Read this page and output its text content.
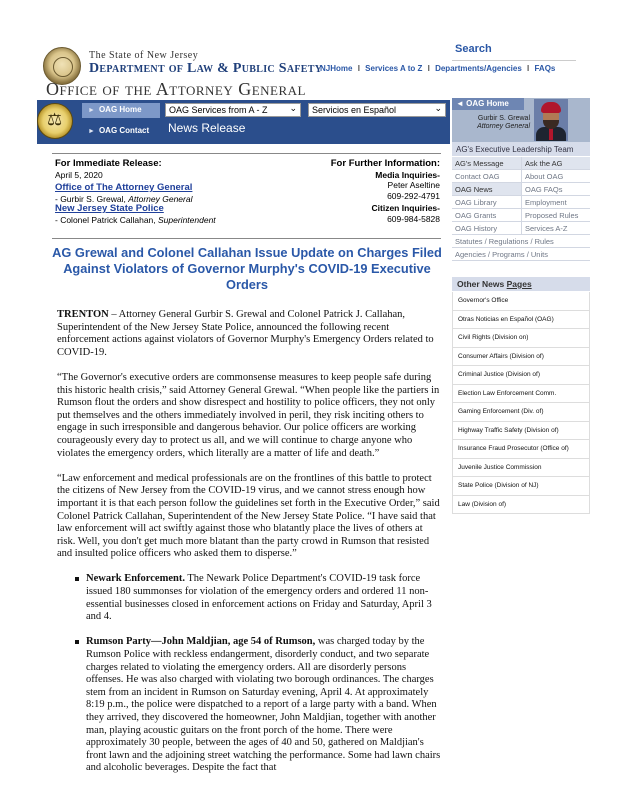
The State of New Jersey
Department of Law & Public Safety
Office of the Attorney General
Search
NJHome I Services A to Z I Departments/Agencies I FAQs
⚖
► OAG Home
► OAG Contact
OAG Services from A - Z ⌄	Servicios en Español	⌄
News Release
◄ OAG Home
Gurbir S. Grewal
Attorney General
AG's Executive Leadership Team
AG's Message	Ask the AG
Contact OAG	About OAG
OAG News	OAG FAQs
OAG Library	Employment
OAG Grants	Proposed Rules
OAG History	Services A-Z
Statutes / Regulations / Rules
Agencies / Programs / Units
Other News Pages
Governor's Office
Otras Noticias en Español (OAG)
Civil Rights (Division on)
Consumer Affairs (Division of)
Criminal Justice (Division of)
Election Law Enforcement Comm.
Gaming Enforcement (Div. of)
Highway Traffic Safety (Division of)
Insurance Fraud Prosecutor (Office of)
Juvenile Justice Commission
State Police (Division of NJ)
Law (Division of)
For Immediate Release:
April 5, 2020
Office of The Attorney General
- Gurbir S. Grewal, Attorney General
New Jersey State Police
- Colonel Patrick Callahan, Superintendent
For Further Information:
Media Inquiries-
Peter Aseltine
609-292-4791
Citizen Inquiries-
609-984-5828
AG Grewal and Colonel Callahan Issue Update on Charges Filed Against Violators of Governor Murphy's COVID-19 Executive Orders

TRENTON – Attorney General Gurbir S. Grewal and Colonel Patrick J. Callahan, Superintendent of the New Jersey State Police, announced the following recent enforcement actions against violators of Governor Murphy's Emergency Orders related to COVID-19.

“The Governor's executive orders are commonsense measures to keep people safe during this historic health crisis,” said Attorney General Grewal. “When people like the partiers in Rumson flout the orders and show disrespect and hostility to police officers, they not only put themselves and the others immediately involved in peril, they risk inciting others to engage in such irresponsible and dangerous behavior. Our police officers are working courageously every day to protect us all, and we will continue to charge anyone who violates the emergency orders, which literally are a matter of life and death.”

“Law enforcement and medical professionals are on the frontlines of this battle to protect the citizens of New Jersey from the COVID-19 virus, and we cannot stress enough how important it is that each person follow the guidelines set forth in the Executive Order,” said Colonel Patrick Callahan, Superintendent of the New Jersey State Police. “I have said that law enforcement will act swiftly against those who blatantly place the lives of others at risk. Well, you don't get much more blatant than the party crowd in Rumson that resisted and insulted police officers who asked them to disperse.”

Newark Enforcement. The Newark Police Department's COVID-19 task force issued 180 summonses for violation of the emergency orders and ordered 11 non-essential businesses closed in enforcement actions on Friday and Saturday, April 3 and 4.
Rumson Party—John Maldjian, age 54 of Rumson, was charged today by the Rumson Police with reckless endangerment, disorderly conduct, and two separate charges related to violating the emergency orders. All are disorderly persons offenses. He was also charged with violating two borough ordinances. The charges stem from an incident in Rumson on Saturday evening, April 4. At approximately 8:19 p.m., the police were dispatched to a report of a large party with a band. When they arrived, they discovered the homeowner, John Maldjian, together with another man, playing acoustic guitars on the front porch of the home. There were approximately 30 people, between the ages of 40 and 50, gathered on Maldjian's front lawn and the adjoining street watching the performance. Some had lawn chairs and alcoholic beverages. Despite the fact that
